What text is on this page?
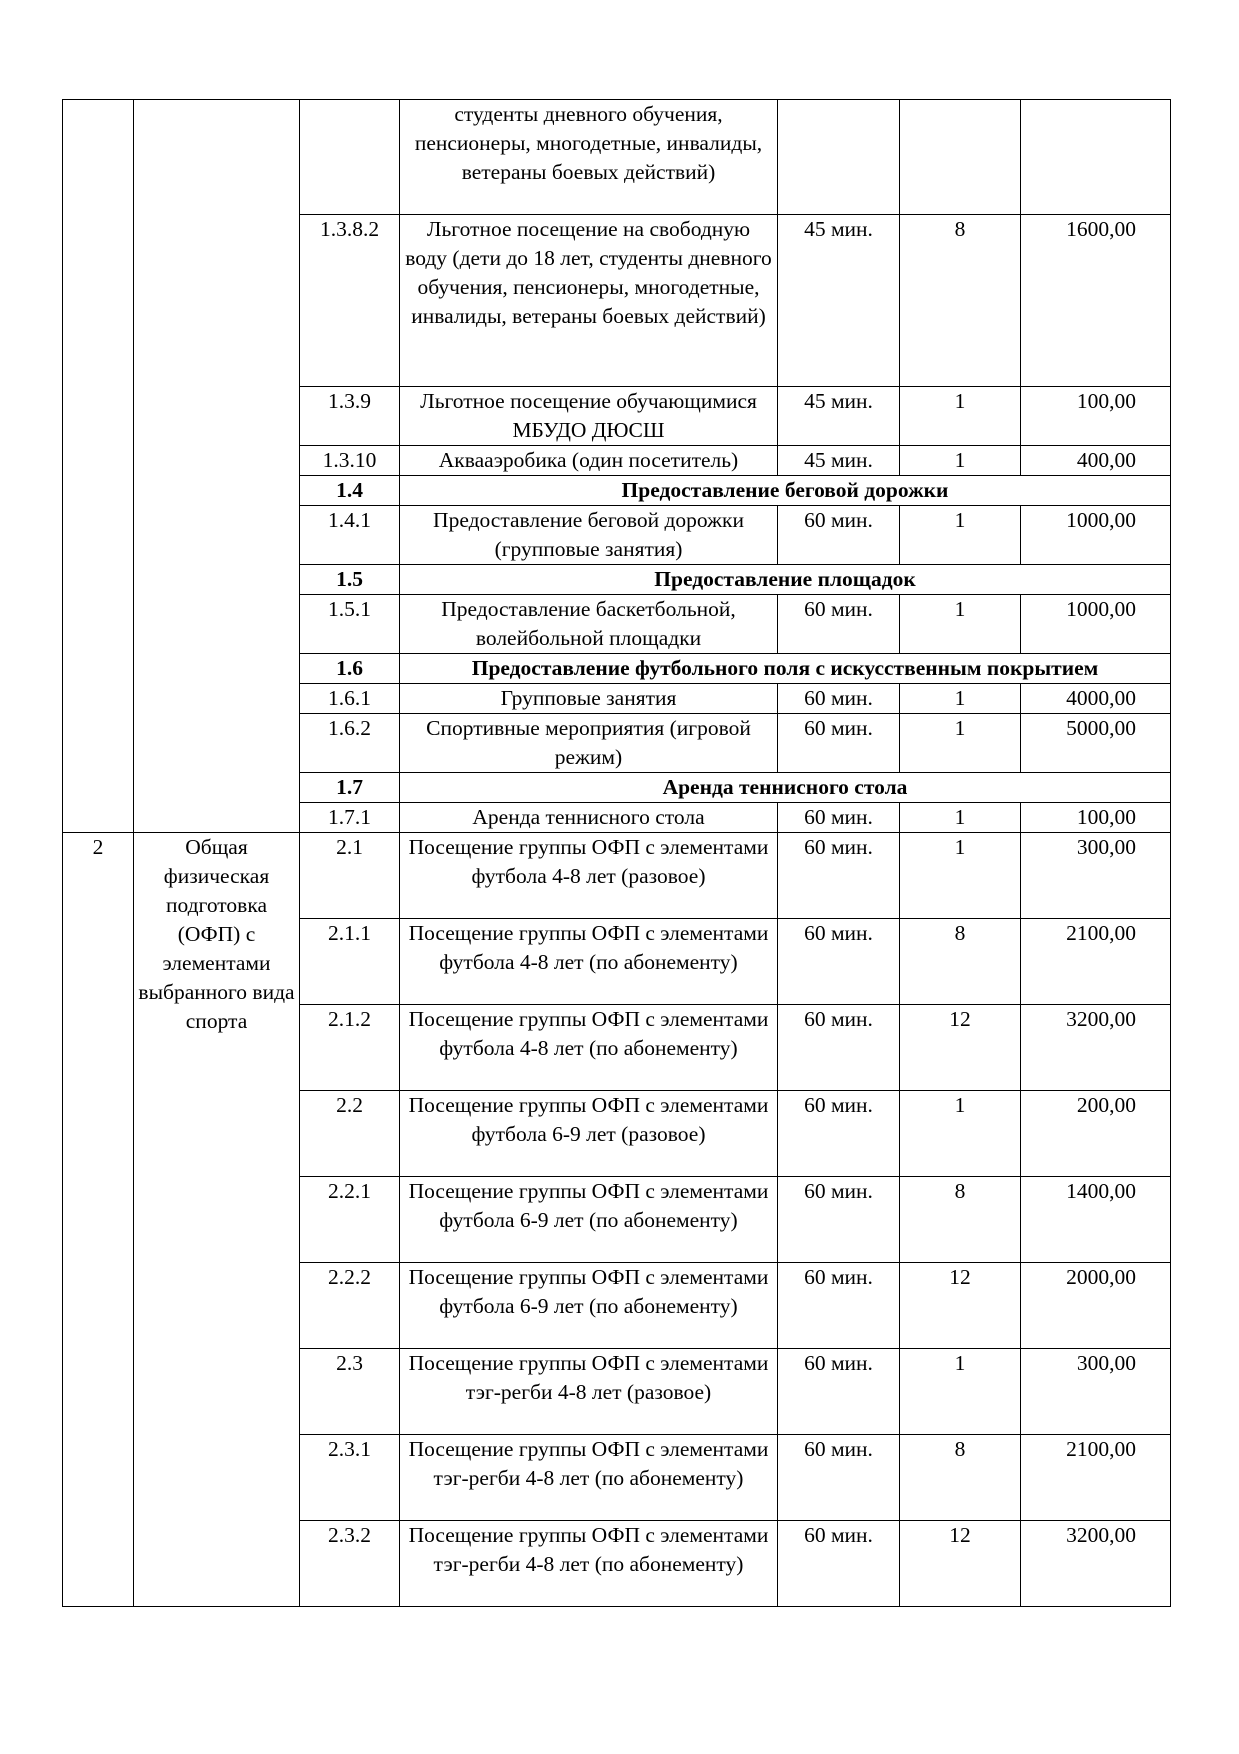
			студенты дневного обучения, пенсионеры, многодетные, инвалиды, ветераны боевых действий)			
		1.3.8.2	Льготное посещение на свободную воду (дети до 18 лет, студенты дневного обучения, пенсионеры, многодетные, инвалиды, ветераны боевых действий)	45 мин.	8	1600,00
		1.3.9	Льготное посещение обучающимися МБУДО ДЮСШ	45 мин.	1	100,00
		1.3.10	Аквааэробика (один посетитель)	45 мин.	1	400,00
		1.4	Предоставление беговой дорожки			
		1.4.1	Предоставление беговой дорожки (групповые занятия)	60 мин.	1	1000,00
		1.5	Предоставление площадок			
		1.5.1	Предоставление баскетбольной, волейбольной площадки	60 мин.	1	1000,00
		1.6	Предоставление футбольного поля с искусственным покрытием			
		1.6.1	Групповые занятия	60 мин.	1	4000,00
		1.6.2	Спортивные мероприятия (игровой режим)	60 мин.	1	5000,00
		1.7	Аренда теннисного стола			
		1.7.1	Аренда теннисного стола	60 мин.	1	100,00
2	Общая физическая подготовка (ОФП) с элементами выбранного вида спорта	2.1	Посещение группы ОФП с элементами футбола 4-8 лет (разовое)	60 мин.	1	300,00
		2.1.1	Посещение группы ОФП с элементами футбола 4-8 лет (по абонементу)	60 мин.	8	2100,00
		2.1.2	Посещение группы ОФП с элементами футбола 4-8 лет (по абонементу)	60 мин.	12	3200,00
		2.2	Посещение группы ОФП с элементами футбола 6-9 лет (разовое)	60 мин.	1	200,00
		2.2.1	Посещение группы ОФП с элементами футбола 6-9 лет (по абонементу)	60 мин.	8	1400,00
		2.2.2	Посещение группы ОФП с элементами футбола 6-9 лет (по абонементу)	60 мин.	12	2000,00
		2.3	Посещение группы ОФП с элементами тэг-регби 4-8 лет (разовое)	60 мин.	1	300,00
		2.3.1	Посещение группы ОФП с элементами тэг-регби 4-8 лет (по абонементу)	60 мин.	8	2100,00
		2.3.2	Посещение группы ОФП с элементами тэг-регби 4-8 лет (по абонементу)	60 мин.	12	3200,00
